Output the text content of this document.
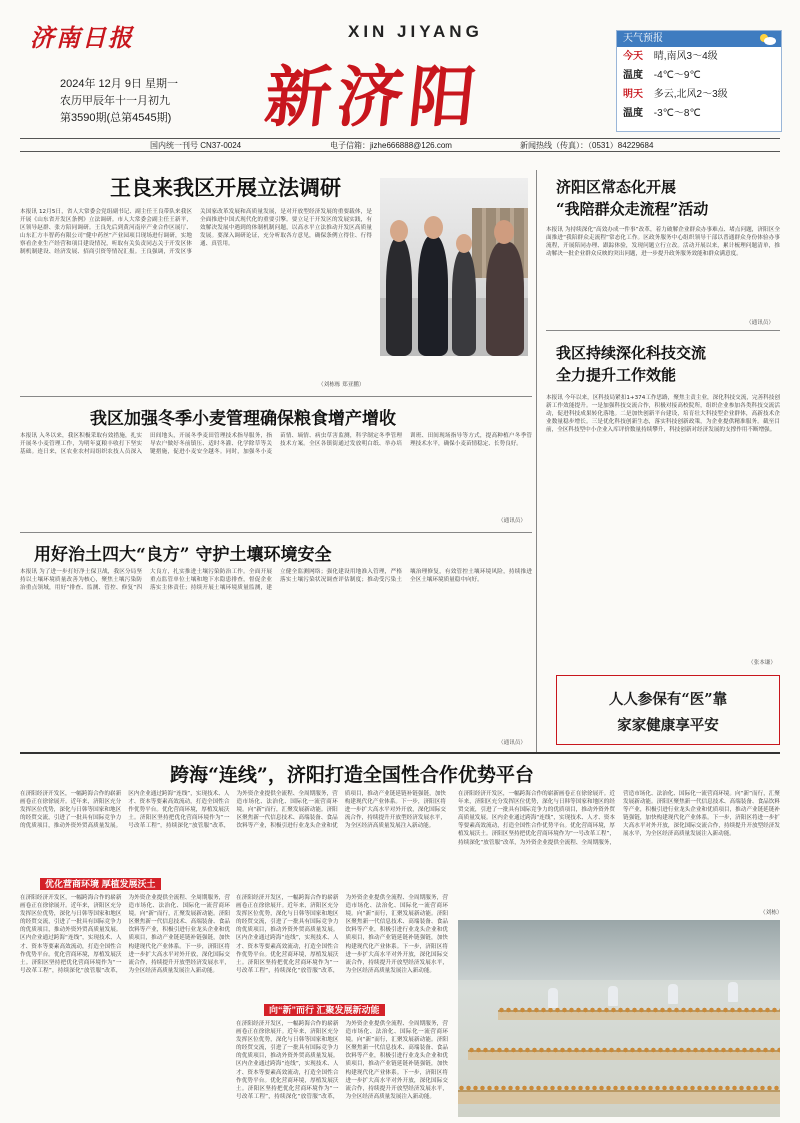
济南日报	XIN JIYANG
新济阳
2024年 12月 9日 星期一
农历甲辰年十一月初九
第3590期(总第4545期)
天气预报
今天 晴,南风3～4级
温度 -4℃～9℃
明天 多云,北风2～3级
温度 -3℃～8℃
国内统一刊号 CN37-0024	电子信箱：jizhe666888@126.com	新闻热线（传真）：（0531）84229684
王良来我区开展立法调研
本报讯 12月5日，省人大常委会党组副书记、副主任王良带队来我区开展《山东省开发区条例》立法调研。市人大常委会副主任王新平，区领导赵群、张方陪同调研。王良先后到黄河南岸产业合作区展厅、山东汇方丰智药有限公司“健中药丝”产业园项目现场进行调研，实地察看企业生产经营和项目建设情况，听取有关负责同志关于开发区体制机制建设、经济发展、招商引资等情况汇报。王良强调，开发区事关国家改革发展和高质量发展，是对开放型经济发展的重要载体，是全面推进中国式现代化的重要引擎。要立足于开发区的发展实践，有效解决发展中遇到的体制机制问题，以高水平立法推动开发区高质量发展。要深入调研论证，充分听取各方意见，确保条例立得住、行得通、真管用。
（刘栋栋 郑亚鹏）
我区加强冬季小麦管理确保粮食增产增收
本报讯 入冬以来，我区积极采取有效措施，扎实开展冬小麦管理工作，为明年夏粮丰收打下坚实基础。连日来，区农业农村局组织农技人员深入田间地头，开展冬季麦田管理技术指导服务，指导农户做好冬前镇压、适时冬灌、化学除草等关键措施，促进小麦安全越冬。同时，加强冬小麦苗情、墒情、病虫草害监测，科学制定冬季管理技术方案。全区各镇街通过发放明白纸、举办培训班、田间现场指导等方式，提高种植户冬季管理技术水平，确保小麦苗情稳定、长势良好。
（通讯员）
用好治土四大“良方” 守护土壤环境安全
本报讯 为了进一步打好净土保卫战，我区分局坚持以土壤环境质量改善为核心，聚焦土壤污染防治重点领域，用好“排查、监测、管控、修复”四大良方，扎实推进土壤污染防治工作。全面开展重点监管单位土壤和地下水隐患排查，督促企业落实主体责任；持续开展土壤环境质量监测，建立健全监测网络；强化建设用地准入管理，严格落实土壤污染状况调查评估制度；推动受污染土壤治理修复，有效管控土壤环境风险，持续推进全区土壤环境质量稳中向好。
（通讯员）
济阳区常态化开展
“我陪群众走流程”活动
本报讯 为持续深化“高效办成一件事”改革，着力破解企业群众办事难点、堵点问题，济阳区全面推进“我陪群众走流程”常态化工作。区政务服务中心组织领导干部以普通群众身份体验办事流程，开展陪同办理、跟踪体验，发现问题立行立改。活动开展以来，累计梳理问题清单，推动解决一批企业群众反映的突出问题，进一步提升政务服务效能和群众满意度。
（通讯员）
我区持续深化科技交流
全力提升工作效能
本报讯 今年以来，区科技局紧扣1+374工作思路，聚焦主责主业，深化科技交流，完善科技创新工作效能提升。一是加强科技交流合作，积极对接高校院所，组织企业参加各类科技交流活动，促进科技成果转化落地。二是加快创新平台建设，培育壮大科技型企业群体，高新技术企业数量稳步增长。三是优化科技创新生态，落实科技创新政策，为企业提供精准服务。截至目前，全区科技型中小企业入库评价数量持续攀升，科技创新对经济发展的支撑作用不断增强。
（张本谦）
人人参保有“医”靠
家家健康享平安
跨海“连线”，济阳打造全国性合作优势平台
在济阳经济开发区，一幅跨海合作的崭新画卷正在徐徐展开。近年来，济阳区充分发挥区位优势，深化与日韩等国家和地区的经贸交流，引进了一批具有国际竞争力的优质项目，推动外资外贸高质量发展。区内企业通过跨海“连线”，实现技术、人才、资本等要素高效流动，打造全国性合作优势平台。优化营商环境，厚植发展沃土。济阳区坚持把优化营商环境作为“一号改革工程”，持续深化“放管服”改革，为外资企业提供全流程、全周期服务，营造市场化、法治化、国际化一流营商环境。向“新”而行，汇聚发展新动能。济阳区聚焦新一代信息技术、高端装备、食品饮料等产业，积极引进行业龙头企业和优质项目，推动产业链延链补链强链，加快构建现代化产业体系。下一步，济阳区将进一步扩大高水平对外开放，深化国际交流合作，持续提升开放型经济发展水平，为全区经济高质量发展注入新动能。
优化营商环境 厚植发展沃土
在济阳经济开发区，一幅跨海合作的崭新画卷正在徐徐展开。近年来，济阳区充分发挥区位优势，深化与日韩等国家和地区的经贸交流，引进了一批具有国际竞争力的优质项目，推动外资外贸高质量发展。区内企业通过跨海“连线”，实现技术、人才、资本等要素高效流动，打造全国性合作优势平台。优化营商环境，厚植发展沃土。济阳区坚持把优化营商环境作为“一号改革工程”，持续深化“放管服”改革，为外资企业提供全流程、全周期服务，营造市场化、法治化、国际化一流营商环境。向“新”而行，汇聚发展新动能。济阳区聚焦新一代信息技术、高端装备、食品饮料等产业，积极引进行业龙头企业和优质项目，推动产业链延链补链强链，加快构建现代化产业体系。下一步，济阳区将进一步扩大高水平对外开放，深化国际交流合作，持续提升开放型经济发展水平，为全区经济高质量发展注入新动能。
向“新”而行 汇聚发展新动能
在济阳经济开发区，一幅跨海合作的崭新画卷正在徐徐展开。近年来，济阳区充分发挥区位优势，深化与日韩等国家和地区的经贸交流，引进了一批具有国际竞争力的优质项目，推动外资外贸高质量发展。区内企业通过跨海“连线”，实现技术、人才、资本等要素高效流动，打造全国性合作优势平台。优化营商环境，厚植发展沃土。济阳区坚持把优化营商环境作为“一号改革工程”，持续深化“放管服”改革，为外资企业提供全流程、全周期服务，营造市场化、法治化、国际化一流营商环境。向“新”而行，汇聚发展新动能。济阳区聚焦新一代信息技术、高端装备、食品饮料等产业，积极引进行业龙头企业和优质项目，推动产业链延链补链强链，加快构建现代化产业体系。下一步，济阳区将进一步扩大高水平对外开放，深化国际交流合作，持续提升开放型经济发展水平，为全区经济高质量发展注入新动能。
在济阳经济开发区，一幅跨海合作的崭新画卷正在徐徐展开。近年来，济阳区充分发挥区位优势，深化与日韩等国家和地区的经贸交流，引进了一批具有国际竞争力的优质项目，推动外资外贸高质量发展。区内企业通过跨海“连线”，实现技术、人才、资本等要素高效流动，打造全国性合作优势平台。优化营商环境，厚植发展沃土。济阳区坚持把优化营商环境作为“一号改革工程”，持续深化“放管服”改革，为外资企业提供全流程、全周期服务，营造市场化、法治化、国际化一流营商环境。向“新”而行，汇聚发展新动能。济阳区聚焦新一代信息技术、高端装备、食品饮料等产业，积极引进行业龙头企业和优质项目，推动产业链延链补链强链，加快构建现代化产业体系。下一步，济阳区将进一步扩大高水平对外开放，深化国际交流合作，持续提升开放型经济发展水平，为全区经济高质量发展注入新动能。
在济阳经济开发区，一幅跨海合作的崭新画卷正在徐徐展开。近年来，济阳区充分发挥区位优势，深化与日韩等国家和地区的经贸交流，引进了一批具有国际竞争力的优质项目，推动外资外贸高质量发展。区内企业通过跨海“连线”，实现技术、人才、资本等要素高效流动，打造全国性合作优势平台。优化营商环境，厚植发展沃土。济阳区坚持把优化营商环境作为“一号改革工程”，持续深化“放管服”改革，为外资企业提供全流程、全周期服务，营造市场化、法治化、国际化一流营商环境。向“新”而行，汇聚发展新动能。济阳区聚焦新一代信息技术、高端装备、食品饮料等产业，积极引进行业龙头企业和优质项目，推动产业链延链补链强链，加快构建现代化产业体系。下一步，济阳区将进一步扩大高水平对外开放，深化国际交流合作，持续提升开放型经济发展水平，为全区经济高质量发展注入新动能。
（刘栋）
